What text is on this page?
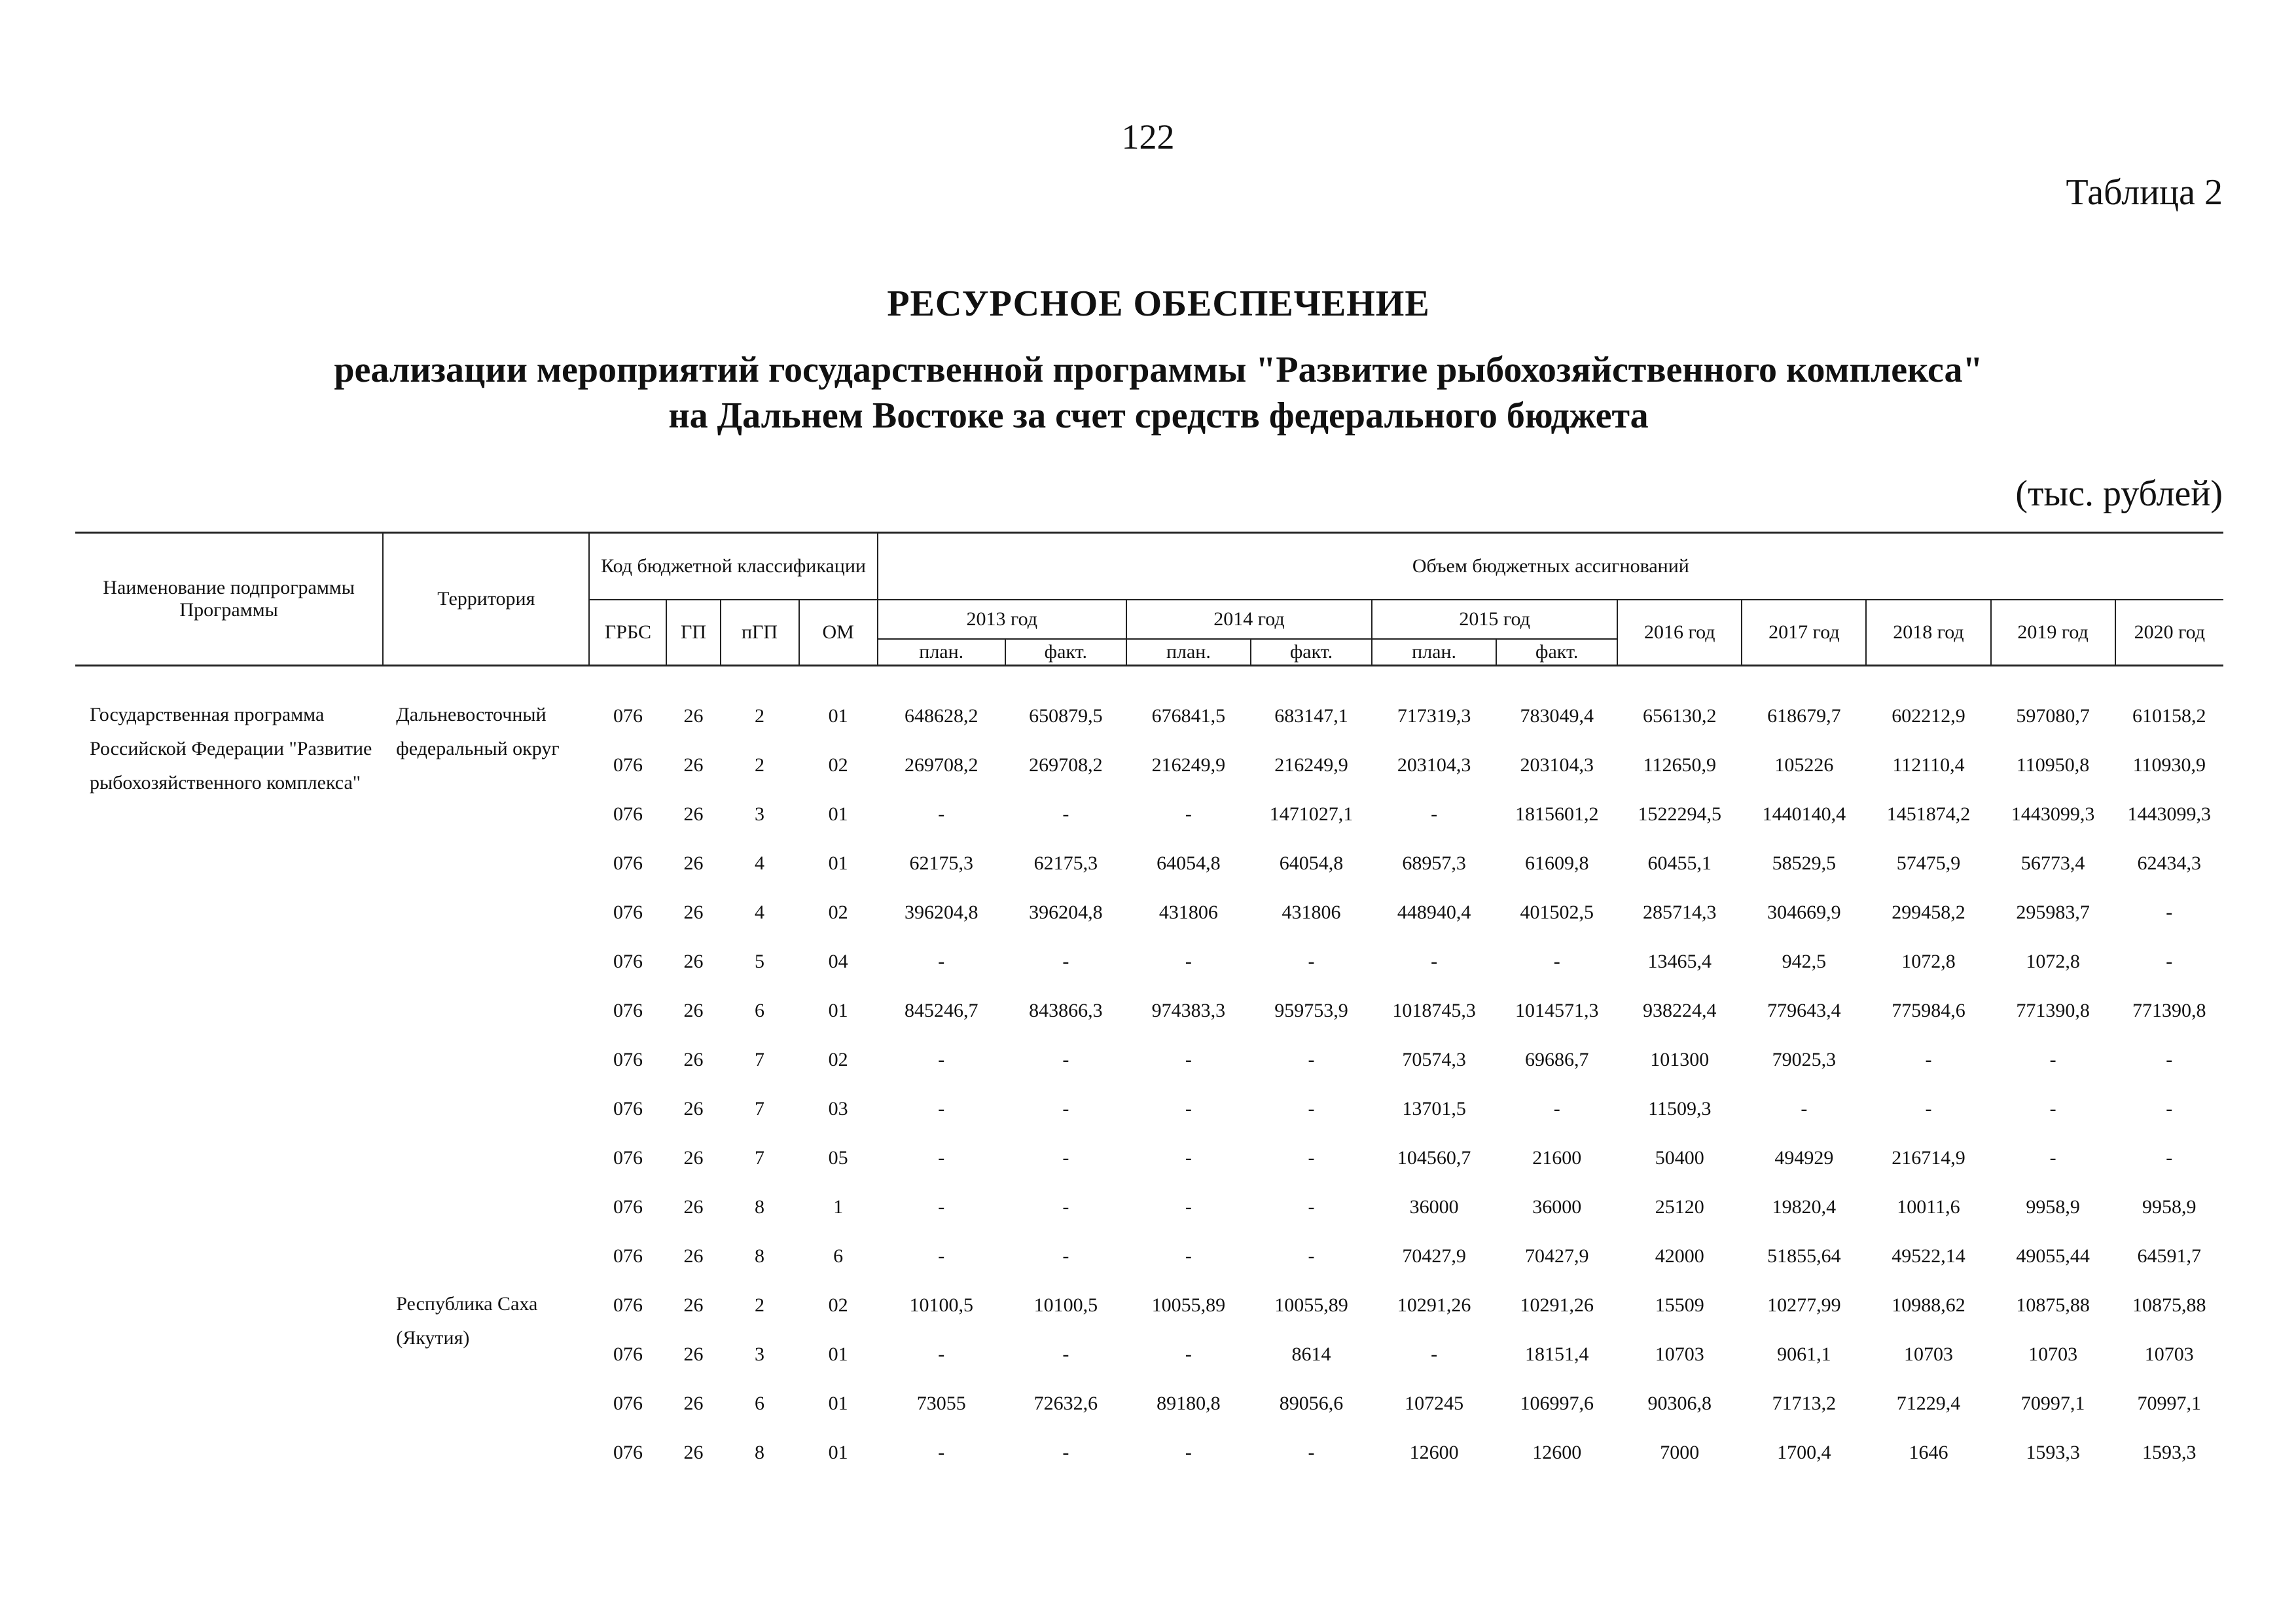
122
Таблица 2
РЕСУРСНОЕ ОБЕСПЕЧЕНИЕ
реализации мероприятий государственной программы "Развитие рыбохозяйственного комплекса"
на Дальнем Востоке за счет средств федерального бюджета
(тыс. рублей)
Наименование подпрограммы Программы	Территория	Код бюджетной классификации				Объем бюджетных ассигнований										
		ГРБС	ГП	пГП	ОМ	2013 год		2014 год		2015 год		2016 год	2017 год	2018 год	2019 год	2020 год
						план.	факт.	план.	факт.	план.	факт.					

Государственная программа Российской Федерации "Развитие рыбохозяйственного комплекса"	Дальневосточный федеральный округ	076	26	2	01	648628,2	650879,5	676841,5	683147,1	717319,3	783049,4	656130,2	618679,7	602212,9	597080,7	610158,2
		076	26	2	02	269708,2	269708,2	216249,9	216249,9	203104,3	203104,3	112650,9	105226	112110,4	110950,8	110930,9
		076	26	3	01	-	-	-	1471027,1	-	1815601,2	1522294,5	1440140,4	1451874,2	1443099,3	1443099,3
		076	26	4	01	62175,3	62175,3	64054,8	64054,8	68957,3	61609,8	60455,1	58529,5	57475,9	56773,4	62434,3
		076	26	4	02	396204,8	396204,8	431806	431806	448940,4	401502,5	285714,3	304669,9	299458,2	295983,7	-
		076	26	5	04	-	-	-	-	-	-	13465,4	942,5	1072,8	1072,8	-
		076	26	6	01	845246,7	843866,3	974383,3	959753,9	1018745,3	1014571,3	938224,4	779643,4	775984,6	771390,8	771390,8
		076	26	7	02	-	-	-	-	70574,3	69686,7	101300	79025,3	-	-	-
		076	26	7	03	-	-	-	-	13701,5	-	11509,3	-	-	-	-
		076	26	7	05	-	-	-	-	104560,7	21600	50400	494929	216714,9	-	-
		076	26	8	1	-	-	-	-	36000	36000	25120	19820,4	10011,6	9958,9	9958,9
		076	26	8	6	-	-	-	-	70427,9	70427,9	42000	51855,64	49522,14	49055,44	64591,7
	Республика Саха (Якутия)	076	26	2	02	10100,5	10100,5	10055,89	10055,89	10291,26	10291,26	15509	10277,99	10988,62	10875,88	10875,88
		076	26	3	01	-	-	-	8614	-	18151,4	10703	9061,1	10703	10703	10703
		076	26	6	01	73055	72632,6	89180,8	89056,6	107245	106997,6	90306,8	71713,2	71229,4	70997,1	70997,1
		076	26	8	01	-	-	-	-	12600	12600	7000	1700,4	1646	1593,3	1593,3
